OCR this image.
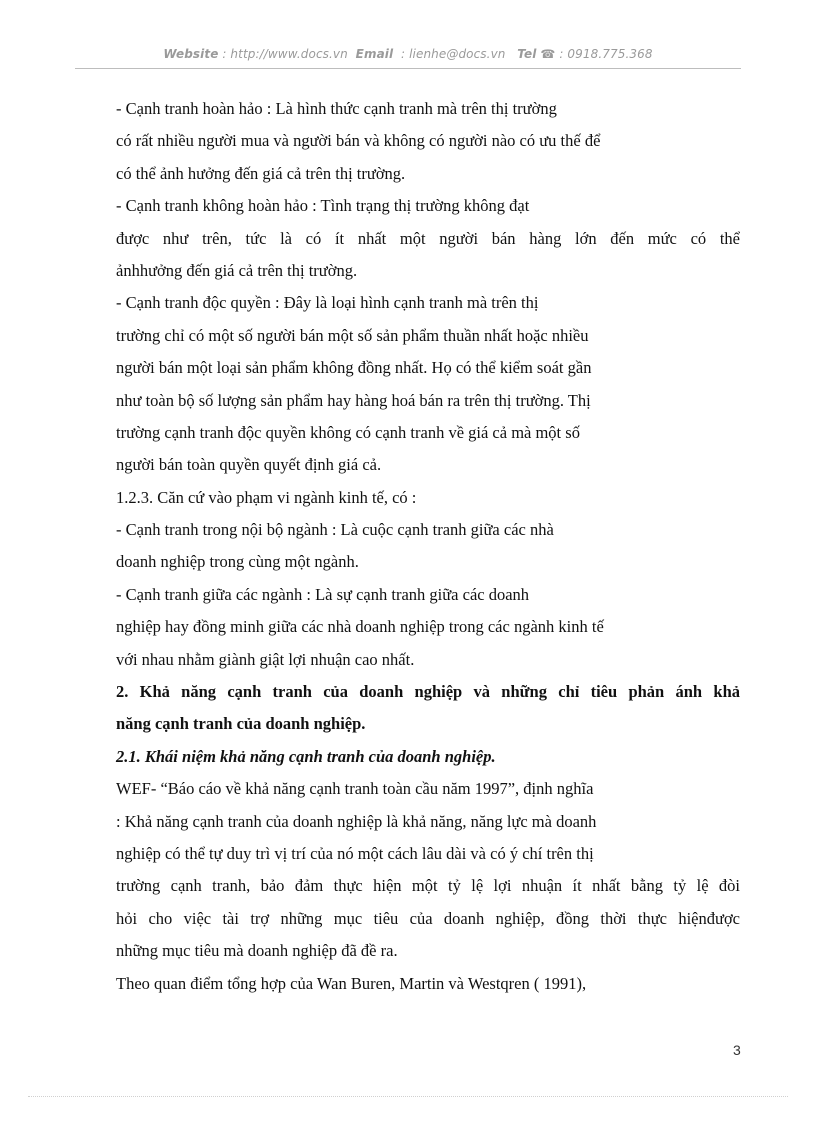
Website : http://www.docs.vn Email : lienhe@docs.vn Tel ☎ : 0918.775.368
- Cạnh tranh hoàn hảo : Là hình thức cạnh tranh mà trên thị trường
có rất nhiều người mua và người bán và không có người nào có ưu thế để
có thể ảnh hưởng đến giá cả trên thị trường.
- Cạnh tranh không hoàn hảo : Tình trạng thị trường không đạt
được như trên, tức là có ít nhất một người bán hàng lớn đến mức có thể
ảnhhưởng đến giá cả trên thị trường.
- Cạnh tranh độc quyền : Đây là loại hình cạnh tranh mà trên thị
trường chỉ có một số người bán một số sản phẩm thuần nhất hoặc nhiều
người bán một loại sản phẩm không đồng nhất. Họ có thể kiểm soát gần
như toàn bộ số lượng sản phẩm hay hàng hoá bán ra trên thị trường. Thị
trường cạnh tranh độc quyền không có cạnh tranh về giá cả mà một số
người bán toàn quyền quyết định giá cả.
1.2.3. Căn cứ vào phạm vi ngành kinh tế, có :
- Cạnh tranh trong nội bộ ngành : Là cuộc cạnh tranh giữa các nhà
doanh nghiệp trong cùng một ngành.
- Cạnh tranh giữa các ngành : Là sự cạnh tranh giữa các doanh
nghiệp hay đồng minh giữa các nhà doanh nghiệp trong các ngành kinh tế
với nhau nhằm giành giật lợi nhuận cao nhất.
2. Khả năng cạnh tranh của doanh nghiệp và những chỉ tiêu phản ánh khả
năng cạnh tranh của doanh nghiệp.
2.1. Khái niệm khả năng cạnh tranh của doanh nghiệp.
WEF- “Báo cáo về khả năng cạnh tranh toàn cầu năm 1997”, định nghĩa
: Khả năng cạnh tranh của doanh nghiệp là khả năng, năng lực mà doanh
nghiệp có thể tự duy trì vị trí của nó một cách lâu dài và có ý chí trên thị
trường cạnh tranh, bảo đảm thực hiện một tỷ lệ lợi nhuận ít nhất bằng tỷ lệ đòi
hỏi cho việc tài trợ những mục tiêu của doanh nghiệp, đồng thời thực hiệnđược
những mục tiêu mà doanh nghiệp đã đề ra.
Theo quan điểm tổng hợp của Wan Buren, Martin và Westqren ( 1991),
3
